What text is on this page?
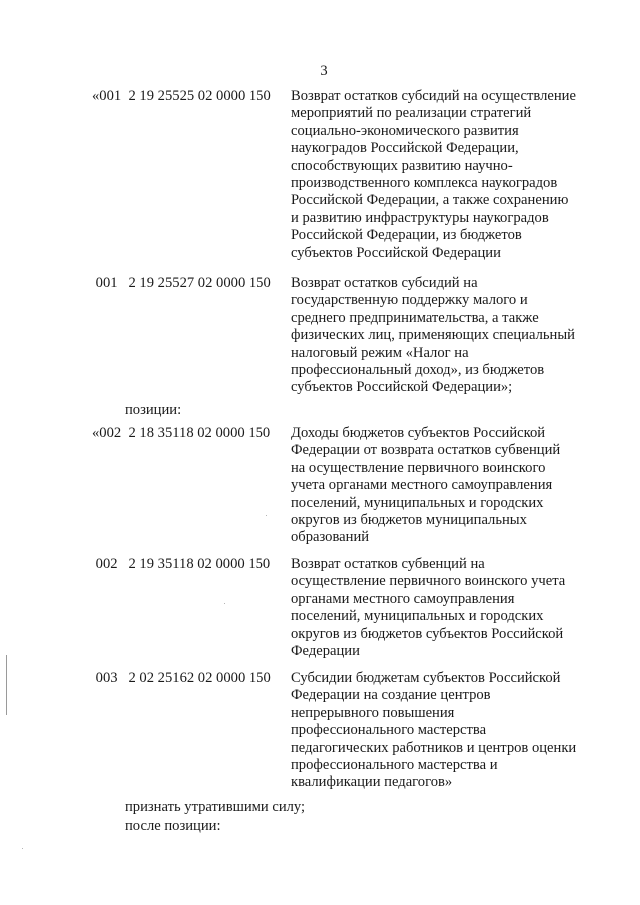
3
«001  2 19 25525 02 0000 150 Возврат остатков субсидий на осуществление
мероприятий по реализации стратегий
социально-экономического развития
наукоградов Российской Федерации,
способствующих развитию научно-
производственного комплекса наукоградов
Российской Федерации, а также сохранению
и развитию инфраструктуры наукоградов
Российской Федерации, из бюджетов
субъектов Российской Федерации
001   2 19 25527 02 0000 150 Возврат остатков субсидий на
государственную поддержку малого и
среднего предпринимательства, а также
физических лиц, применяющих специальный
налоговый режим «Налог на
профессиональный доход», из бюджетов
субъектов Российской Федерации»;
позиции:
«002  2 18 35118 02 0000 150 Доходы бюджетов субъектов Российской
Федерации от возврата остатков субвенций
на осуществление первичного воинского
учета органами местного самоуправления
поселений, муниципальных и городских
округов из бюджетов муниципальных
образований
002   2 19 35118 02 0000 150 Возврат остатков субвенций на
осуществление первичного воинского учета
органами местного самоуправления
поселений, муниципальных и городских
округов из бюджетов субъектов Российской
Федерации
003   2 02 25162 02 0000 150 Субсидии бюджетам субъектов Российской
Федерации на создание центров
непрерывного повышения
профессионального мастерства
педагогических работников и центров оценки
профессионального мастерства и
квалификации педагогов»
признать утратившими силу;
после позиции:
